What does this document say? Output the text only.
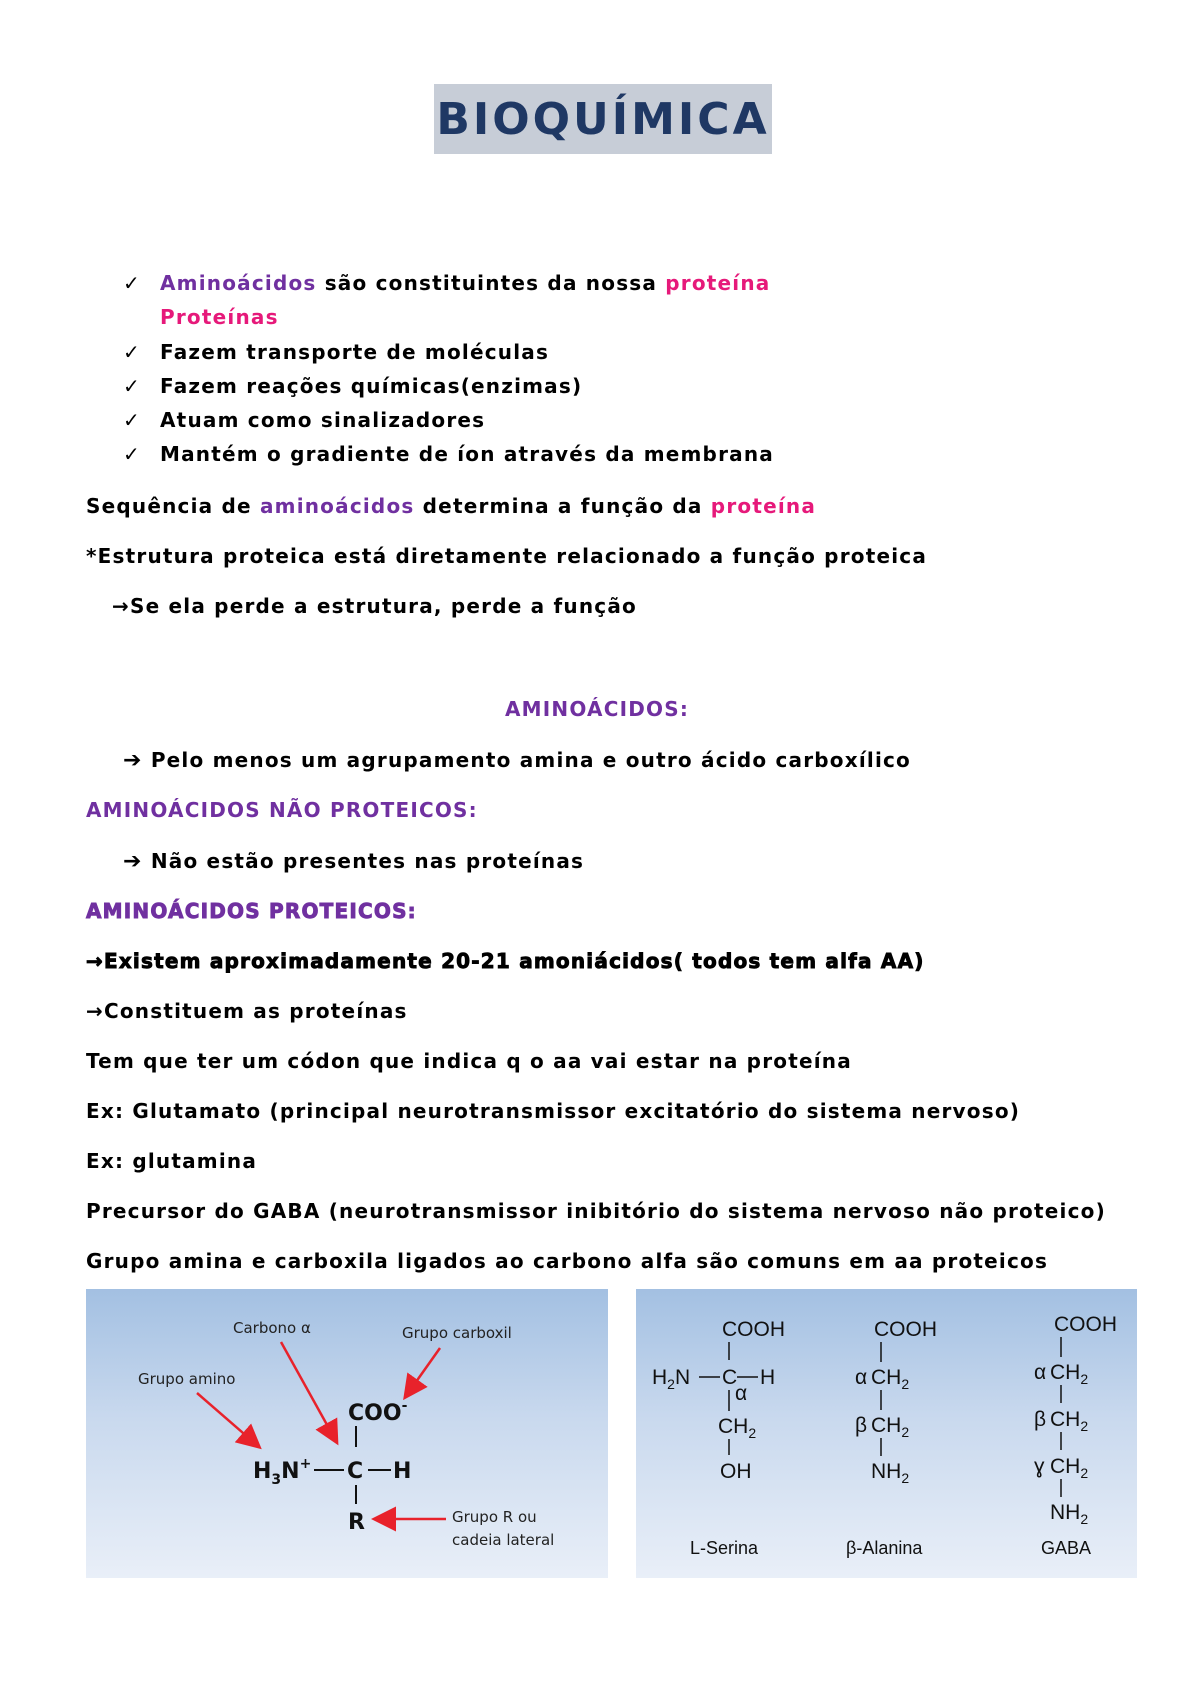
BIOQUÍMICA
✓ Aminoácidos são constituintes da nossa proteína
Proteínas
✓ Fazem transporte de moléculas
✓ Fazem reações químicas(enzimas)
✓ Atuam como sinalizadores
✓ Mantém o gradiente de íon através da membrana
Sequência de aminoácidos determina a função da proteína
*Estrutura proteica está diretamente relacionado a função proteica
→Se ela perde a estrutura, perde a função
AMINOÁCIDOS:
➔ Pelo menos um agrupamento amina e outro ácido carboxílico
AMINOÁCIDOS NÃO PROTEICOS:
➔ Não estão presentes nas proteínas
AMINOÁCIDOS PROTEICOS:
→Existem aproximadamente 20-21 amoniácidos( todos tem alfa AA)
→Constituem as proteínas
Tem que ter um códon que indica q o aa vai estar na proteína
Ex: Glutamato (principal neurotransmissor excitatório do sistema nervoso)
Ex: glutamina
Precursor do GABA (neurotransmissor inibitório do sistema nervoso não proteico)
Grupo amina e carboxila ligados ao carbono alfa são comuns em aa proteicos
Carbono α	Grupo carboxil
Grupo amino
COO-
$H_3N^+$ C H
R	Grupo R ou
cadeia lateral
COOH
$H_2N$ C H
α
$CH_2$
OH
L-Serina
COOH
α $CH_2$
β $CH_2$
$NH_2$
β-Alanina
COOH
α $CH_2$
β $CH_2$
ɣ $CH_2$
$NH_2$
GABA
